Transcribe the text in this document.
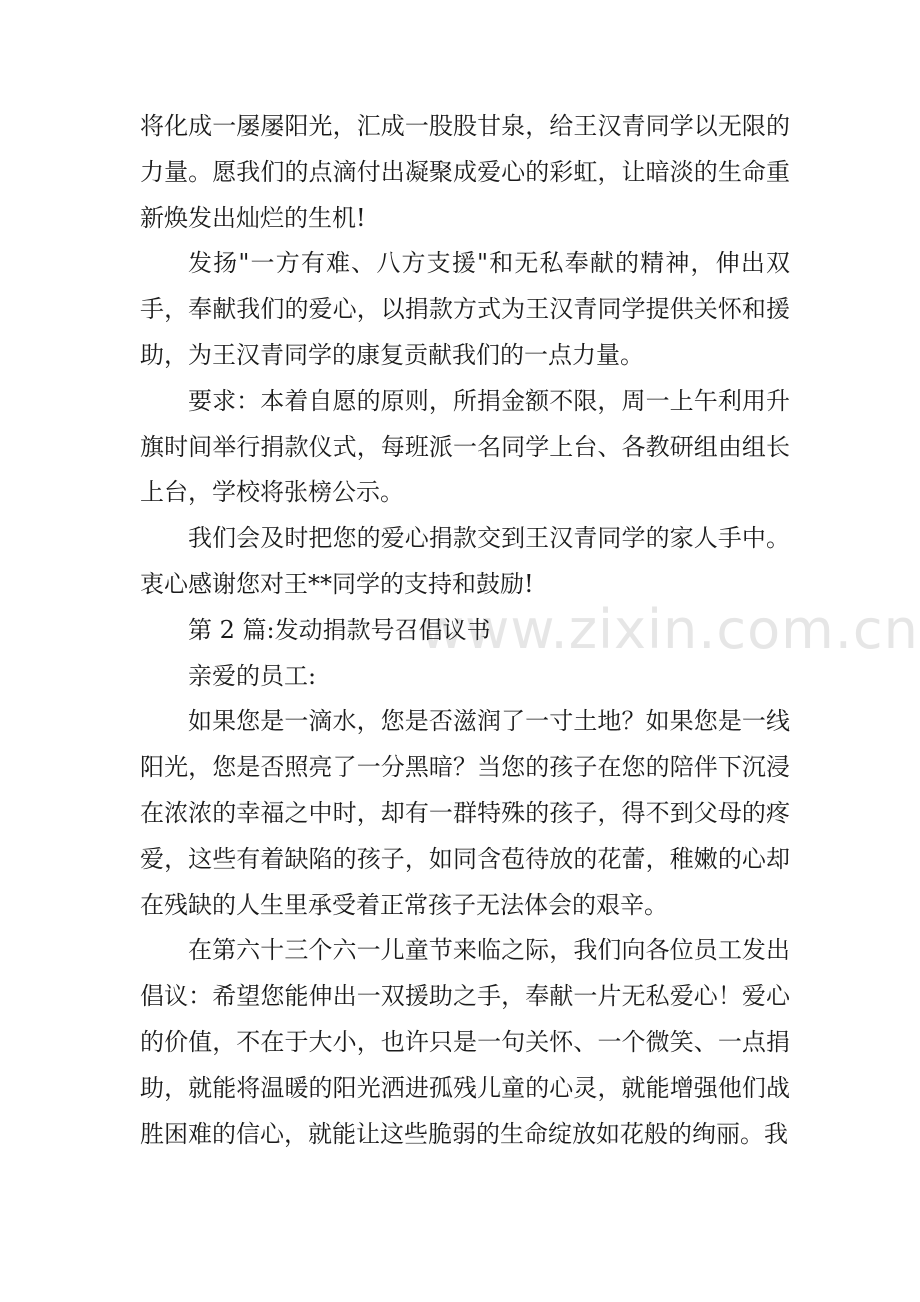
www.zixin.com.cn

将化成一屡屡阳光，汇成一股股甘泉，给王汉青同学以无限的力量。愿我们的点滴付出凝聚成爱心的彩虹，让暗淡的生命重新焕发出灿烂的生机!

发扬"一方有难、八方支援"和无私奉献的精神，伸出双手，奉献我们的爱心，以捐款方式为王汉青同学提供关怀和援助，为王汉青同学的康复贡献我们的一点力量。

要求：本着自愿的原则，所捐金额不限，周一上午利用升旗时间举行捐款仪式，每班派一名同学上台、各教研组由组长上台，学校将张榜公示。

我们会及时把您的爱心捐款交到王汉青同学的家人手中。衷心感谢您对王**同学的支持和鼓励!

第 2 篇:发动捐款号召倡议书

亲爱的员工:

如果您是一滴水，您是否滋润了一寸土地？如果您是一线阳光，您是否照亮了一分黑暗？当您的孩子在您的陪伴下沉浸在浓浓的幸福之中时，却有一群特殊的孩子，得不到父母的疼爱，这些有着缺陷的孩子，如同含苞待放的花蕾，稚嫩的心却在残缺的人生里承受着正常孩子无法体会的艰辛。

在第六十三个六一儿童节来临之际，我们向各位员工发出倡议：希望您能伸出一双援助之手，奉献一片无私爱心！爱心的价值，不在于大小，也许只是一句关怀、一个微笑、一点捐助，就能将温暖的阳光洒进孤残儿童的心灵，就能增强他们战胜困难的信心，就能让这些脆弱的生命绽放如花般的绚丽。我
